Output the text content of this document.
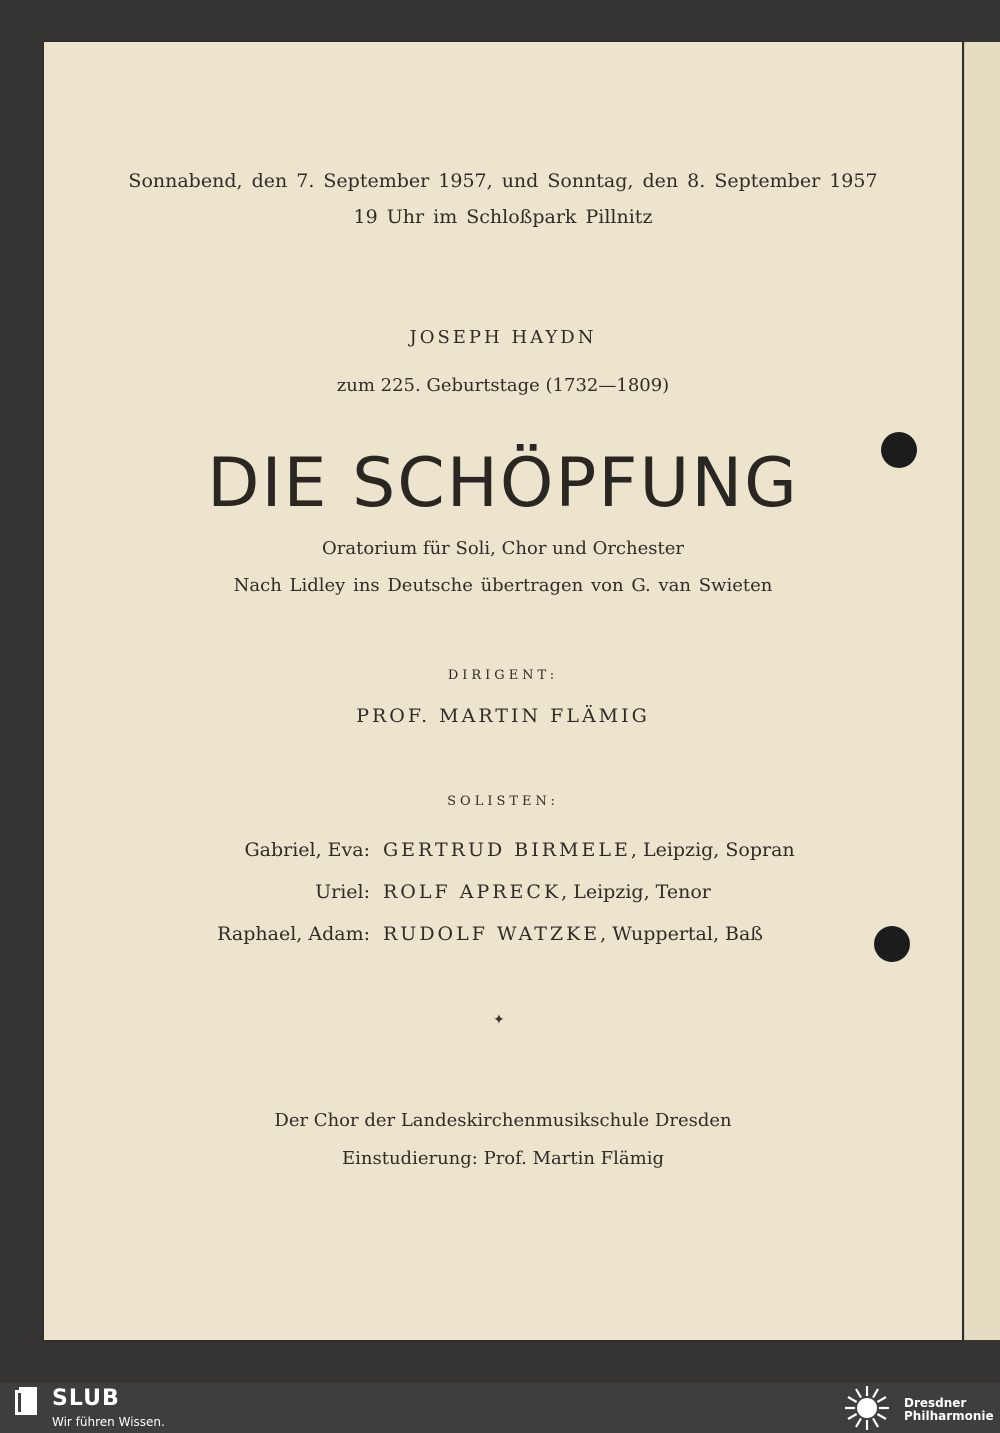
Sonnabend, den 7. September 1957, und Sonntag, den 8. September 1957
19 Uhr im Schloßpark Pillnitz
JOSEPH HAYDN
zum 225. Geburtstage (1732—1809)
DIE SCHÖPFUNG
Oratorium für Soli, Chor und Orchester
Nach Lidley ins Deutsche übertragen von G. van Swieten
DIRIGENT:
PROF. MARTIN FLÄMIG
SOLISTEN:
Gabriel, Eva: GERTRUD BIRMELE, Leipzig, Sopran
Uriel: ROLF APRECK, Leipzig, Tenor
Raphael, Adam: RUDOLF WATZKE, Wuppertal, Baß
✦
Der Chor der Landeskirchenmusikschule Dresden
Einstudierung: Prof. Martin Flämig
SLUB
Wir führen Wissen.
Dresdner
Philharmonie
